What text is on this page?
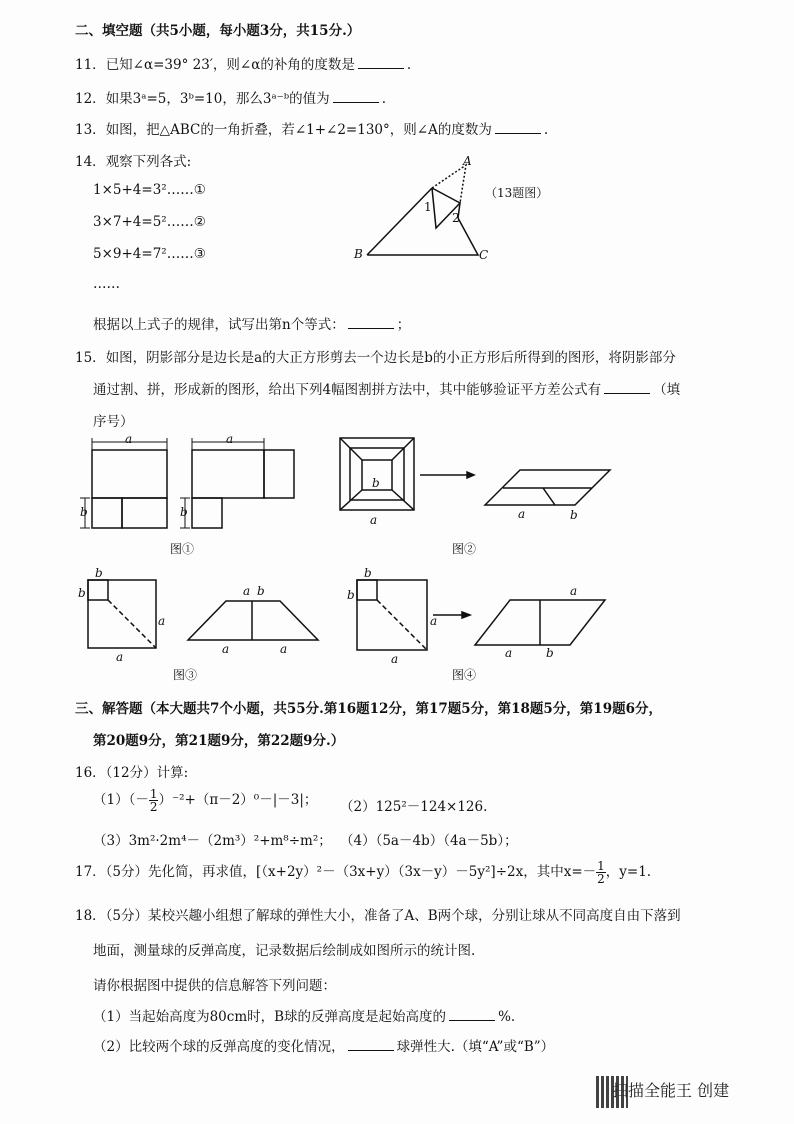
二、填空题（共5小题，每小题3分，共15分.）
11．已知∠α=39° 23′，则∠α的补角的度数是	.
12．如果3ᵃ=5，3ᵇ=10，那么3ᵃ⁻ᵇ的值为	.
13．如图，把△ABC的一角折叠，若∠1+∠2=130°，则∠A的度数为	.
14．观察下列各式:
1×5+4=3²……①
3×7+4=5²……②
5×9+4=7²……③
……
根据以上式子的规律，试写出第n个等式：	；
A
B	C
1
2
（13题图）
15．如图，阴影部分是边长是a的大正方形剪去一个边长是b的小正方形后所得到的图形，将阴影部分
通过割、拼，形成新的图形，给出下列4幅图割拼方法中，其中能够验证平方差公式有	（填
序号）
a	a
b	b
a
b
a	b
图①	图②
b
b
a
a
a b
a	a
b
b
a
a
a
a	b
图③	图④
三、解答题（本大题共7个小题，共55分.第16题12分，第17题5分，第18题5分，第19题6分，
第20题9分，第21题9分，第22题9分.）
16．（12分）计算:
$(1)(- \frac{1}{2} )^{-2}+(\pi-2)^0-|-3|$； （2）125²－124×126.
（3）3m²·2m⁴－（2m³）²+m⁸÷m²； （4）（5a－4b）（4a－5b）；
17．（5分）先化简，再求值，[（x+2y）²－（3x+y）（3x－y）－5y²]÷2x，其中$x=- \frac{1}{2}$ ，y=1.
18．（5分）某校兴趣小组想了解球的弹性大小，准备了A、B两个球，分别让球从不同高度自由下落到
地面，测量球的反弹高度，记录数据后绘制成如图所示的统计图.
请你根据图中提供的信息解答下列问题：
（1）当起始高度为80cm时，B球的反弹高度是起始高度的	%.
（2）比较两个球的反弹高度的变化情况，	球弹性大.（填“A”或“B”）
扫描全能王 创建
